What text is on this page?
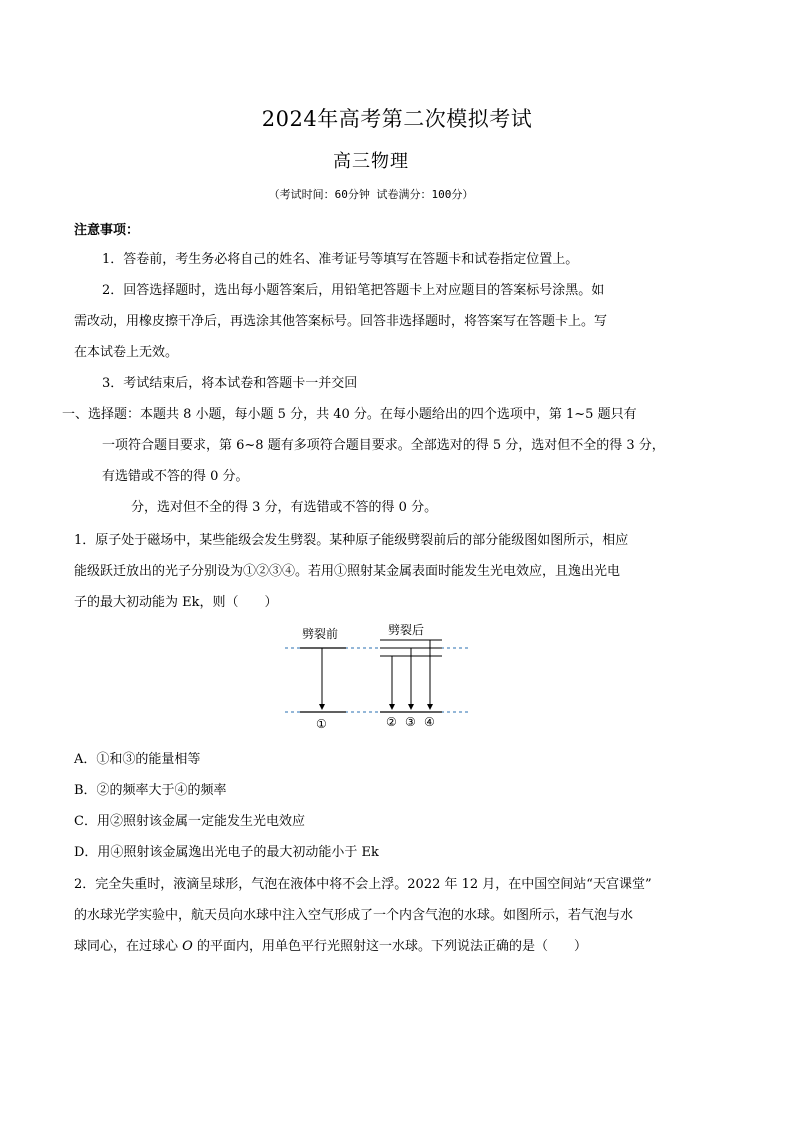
2024年高考第二次模拟考试
高三物理
（考试时间：60分钟 试卷满分：100分）
注意事项：
1．答卷前，考生务必将自己的姓名、准考证号等填写在答题卡和试卷指定位置上。
2．回答选择题时，选出每小题答案后，用铅笔把答题卡上对应题目的答案标号涂黑。如
需改动，用橡皮擦干净后，再选涂其他答案标号。回答非选择题时，将答案写在答题卡上。写
在本试卷上无效。
3．考试结束后，将本试卷和答题卡一并交回
一、选择题：本题共 8 小题，每小题 5 分，共 40 分。在每小题给出的四个选项中，第 1~5 题只有
一项符合题目要求，第 6~8 题有多项符合题目要求。全部选对的得 5 分，选对但不全的得 3 分，
有选错或不答的得 0 分。
分，选对但不全的得 3 分，有选错或不答的得 0 分。
1．原子处于磁场中，某些能级会发生劈裂。某种原子能级劈裂前后的部分能级图如图所示，相应
能级跃迁放出的光子分别设为①②③④。若用①照射某金属表面时能发生光电效应，且逸出光电
子的最大初动能为 Ek，则（　　）
劈裂前	劈裂后
①	② ③ ④
A．①和③的能量相等
B．②的频率大于④的频率
C．用②照射该金属一定能发生光电效应
D．用④照射该金属逸出光电子的最大初动能小于 Ek
2．完全失重时，液滴呈球形，气泡在液体中将不会上浮。2022 年 12 月，在中国空间站“天宫课堂”
的水球光学实验中，航天员向水球中注入空气形成了一个内含气泡的水球。如图所示，若气泡与水
球同心，在过球心 O 的平面内，用单色平行光照射这一水球。下列说法正确的是（　　）
